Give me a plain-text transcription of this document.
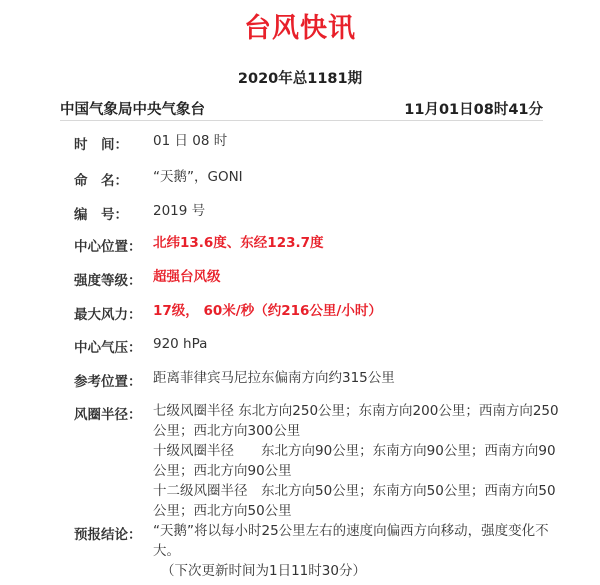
台风快讯
2020年总1181期
中国气象局中央气象台	11月01日08时41分
时　间： 01 日 08 时
命　名： “天鹅”，GONI
编　号： 2019 号
中心位置： 北纬13.6度、东经123.7度
强度等级： 超强台风级
最大风力： 17级， 60米/秒（约216公里/小时）
中心气压： 920 hPa
参考位置： 距离菲律宾马尼拉东偏南方向约315公里
风圈半径： 七级风圈半径 东北方向250公里；东南方向200公里；西南方向250
公里；西北方向300公里
十级风圈半径　　东北方向90公里；东南方向90公里；西南方向90
公里；西北方向90公里
十二级风圈半径　东北方向50公里；东南方向50公里；西南方向50
公里；西北方向50公里
预报结论： “天鹅”将以每小时25公里左右的速度向偏西方向移动，强度变化不
大。
（下次更新时间为1日11时30分）
